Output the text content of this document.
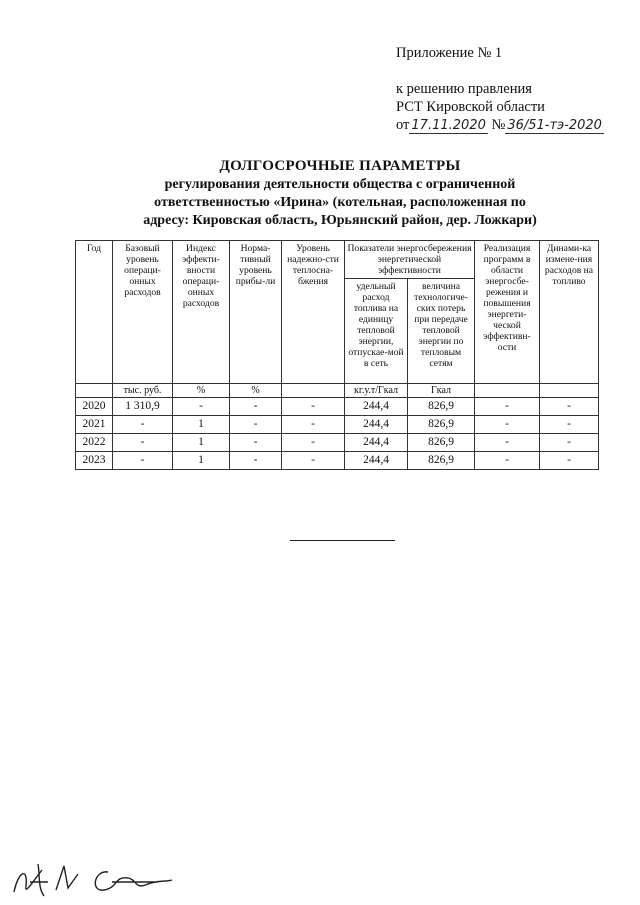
Приложение № 1
к решению правления
РСТ Кировской области
от 17.11.2020 № 36/51-тэ-2020
ДОЛГОСРОЧНЫЕ ПАРАМЕТРЫ
регулирования деятельности общества с ограниченной
ответственностью «Ирина» (котельная, расположенная по
адресу: Кировская область, Юрьянский район, дер. Ложкари)
Год	Базовый уровень операци-онных расходов	Индекс эффекти-вности операци-онных расходов	Норма-тивный уровень прибы-ли	Уровень надежно-сти теплосна-бжения	Показатели энергосбережения энергетической эффективности		Реализация программ в области энергосбе-режения и повышения энергети-ческой эффективн-ости	Динами-ка измене-ния расходов на топливо
					удельный расход топлива на единицу тепловой энергии, отпускае-мой в сеть	величина технологиче-ских потерь при передаче тепловой энергии по тепловым сетям		
	тыс. руб.	%	%		кг.у.т/Гкал	Гкал		
2020	1 310,9	-	-	-	244,4	826,9	-	-
2021	-	1	-	-	244,4	826,9	-	-
2022	-	1	-	-	244,4	826,9	-	-
2023	-	1	-	-	244,4	826,9	-	-
